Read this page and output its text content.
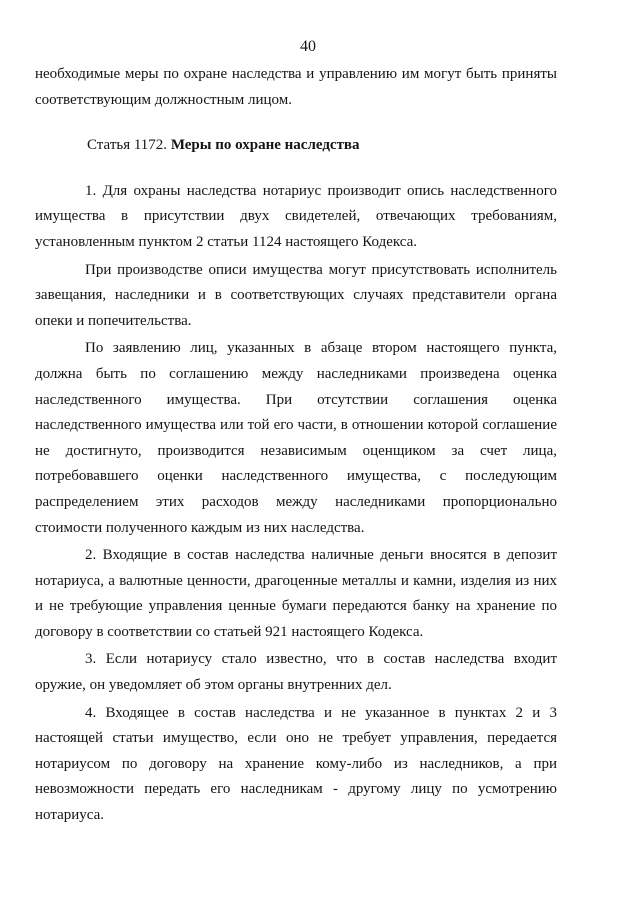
40

необходимые меры по охране наследства и управлению им могут быть приняты соответствующим должностным лицом.

Статья 1172. Меры по охране наследства

1. Для охраны наследства нотариус производит опись наследственного имущества в присутствии двух свидетелей, отвечающих требованиям, установленным пунктом 2 статьи 1124 настоящего Кодекса.

При производстве описи имущества могут присутствовать исполнитель завещания, наследники и в соответствующих случаях представители органа опеки и попечительства.

По заявлению лиц, указанных в абзаце втором настоящего пункта, должна быть по соглашению между наследниками произведена оценка наследственного имущества. При отсутствии соглашения оценка наследственного имущества или той его части, в отношении которой соглашение не достигнуто, производится независимым оценщиком за счет лица, потребовавшего оценки наследственного имущества, с последующим распределением этих расходов между наследниками пропорционально стоимости полученного каждым из них наследства.

2. Входящие в состав наследства наличные деньги вносятся в депозит нотариуса, а валютные ценности, драгоценные металлы и камни, изделия из них и не требующие управления ценные бумаги передаются банку на хранение по договору в соответствии со статьей 921 настоящего Кодекса.

3. Если нотариусу стало известно, что в состав наследства входит оружие, он уведомляет об этом органы внутренних дел.

4. Входящее в состав наследства и не указанное в пунктах 2 и 3 настоящей статьи имущество, если оно не требует управления, передается нотариусом по договору на хранение кому-либо из наследников, а при невозможности передать его наследникам - другому лицу по усмотрению нотариуса.
